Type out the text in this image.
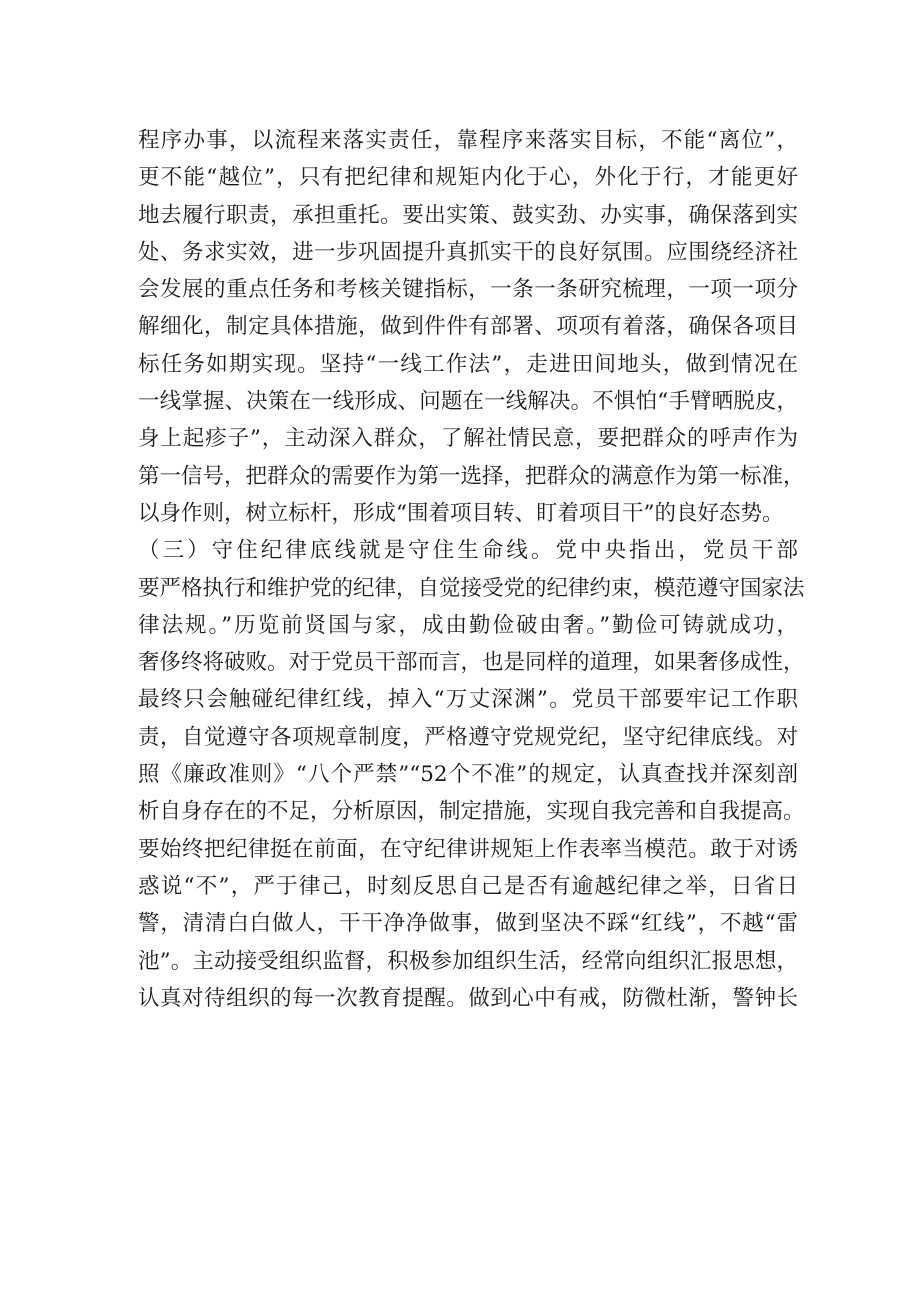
程序办事，以流程来落实责任，靠程序来落实目标，不能“离位”，
更不能“越位”，只有把纪律和规矩内化于心，外化于行，才能更好
地去履行职责，承担重托。要出实策、鼓实劲、办实事，确保落到实
处、务求实效，进一步巩固提升真抓实干的良好氛围。应围绕经济社
会发展的重点任务和考核关键指标，一条一条研究梳理，一项一项分
解细化，制定具体措施，做到件件有部署、项项有着落，确保各项目
标任务如期实现。坚持“一线工作法”，走进田间地头，做到情况在
一线掌握、决策在一线形成、问题在一线解决。不惧怕“手臂晒脱皮，
身上起疹子”，主动深入群众，了解社情民意，要把群众的呼声作为
第一信号，把群众的需要作为第一选择，把群众的满意作为第一标准，
以身作则，树立标杆，形成“围着项目转、盯着项目干”的良好态势。
（三）守住纪律底线就是守住生命线。党中央指出，党员干部
要严格执行和维护党的纪律，自觉接受党的纪律约束，模范遵守国家法
律法规。”历览前贤国与家，成由勤俭破由奢。”勤俭可铸就成功，
奢侈终将破败。对于党员干部而言，也是同样的道理，如果奢侈成性，
最终只会触碰纪律红线，掉入“万丈深渊”。党员干部要牢记工作职
责，自觉遵守各项规章制度，严格遵守党规党纪，坚守纪律底线。对
照《廉政准则》“八个严禁”“52个不准”的规定，认真查找并深刻剖
析自身存在的不足，分析原因，制定措施，实现自我完善和自我提高。
要始终把纪律挺在前面，在守纪律讲规矩上作表率当模范。敢于对诱
惑说“不”，严于律己，时刻反思自己是否有逾越纪律之举，日省日
警，清清白白做人，干干净净做事，做到坚决不踩“红线”，不越“雷
池”。主动接受组织监督，积极参加组织生活，经常向组织汇报思想，
认真对待组织的每一次教育提醒。做到心中有戒，防微杜渐，警钟长
